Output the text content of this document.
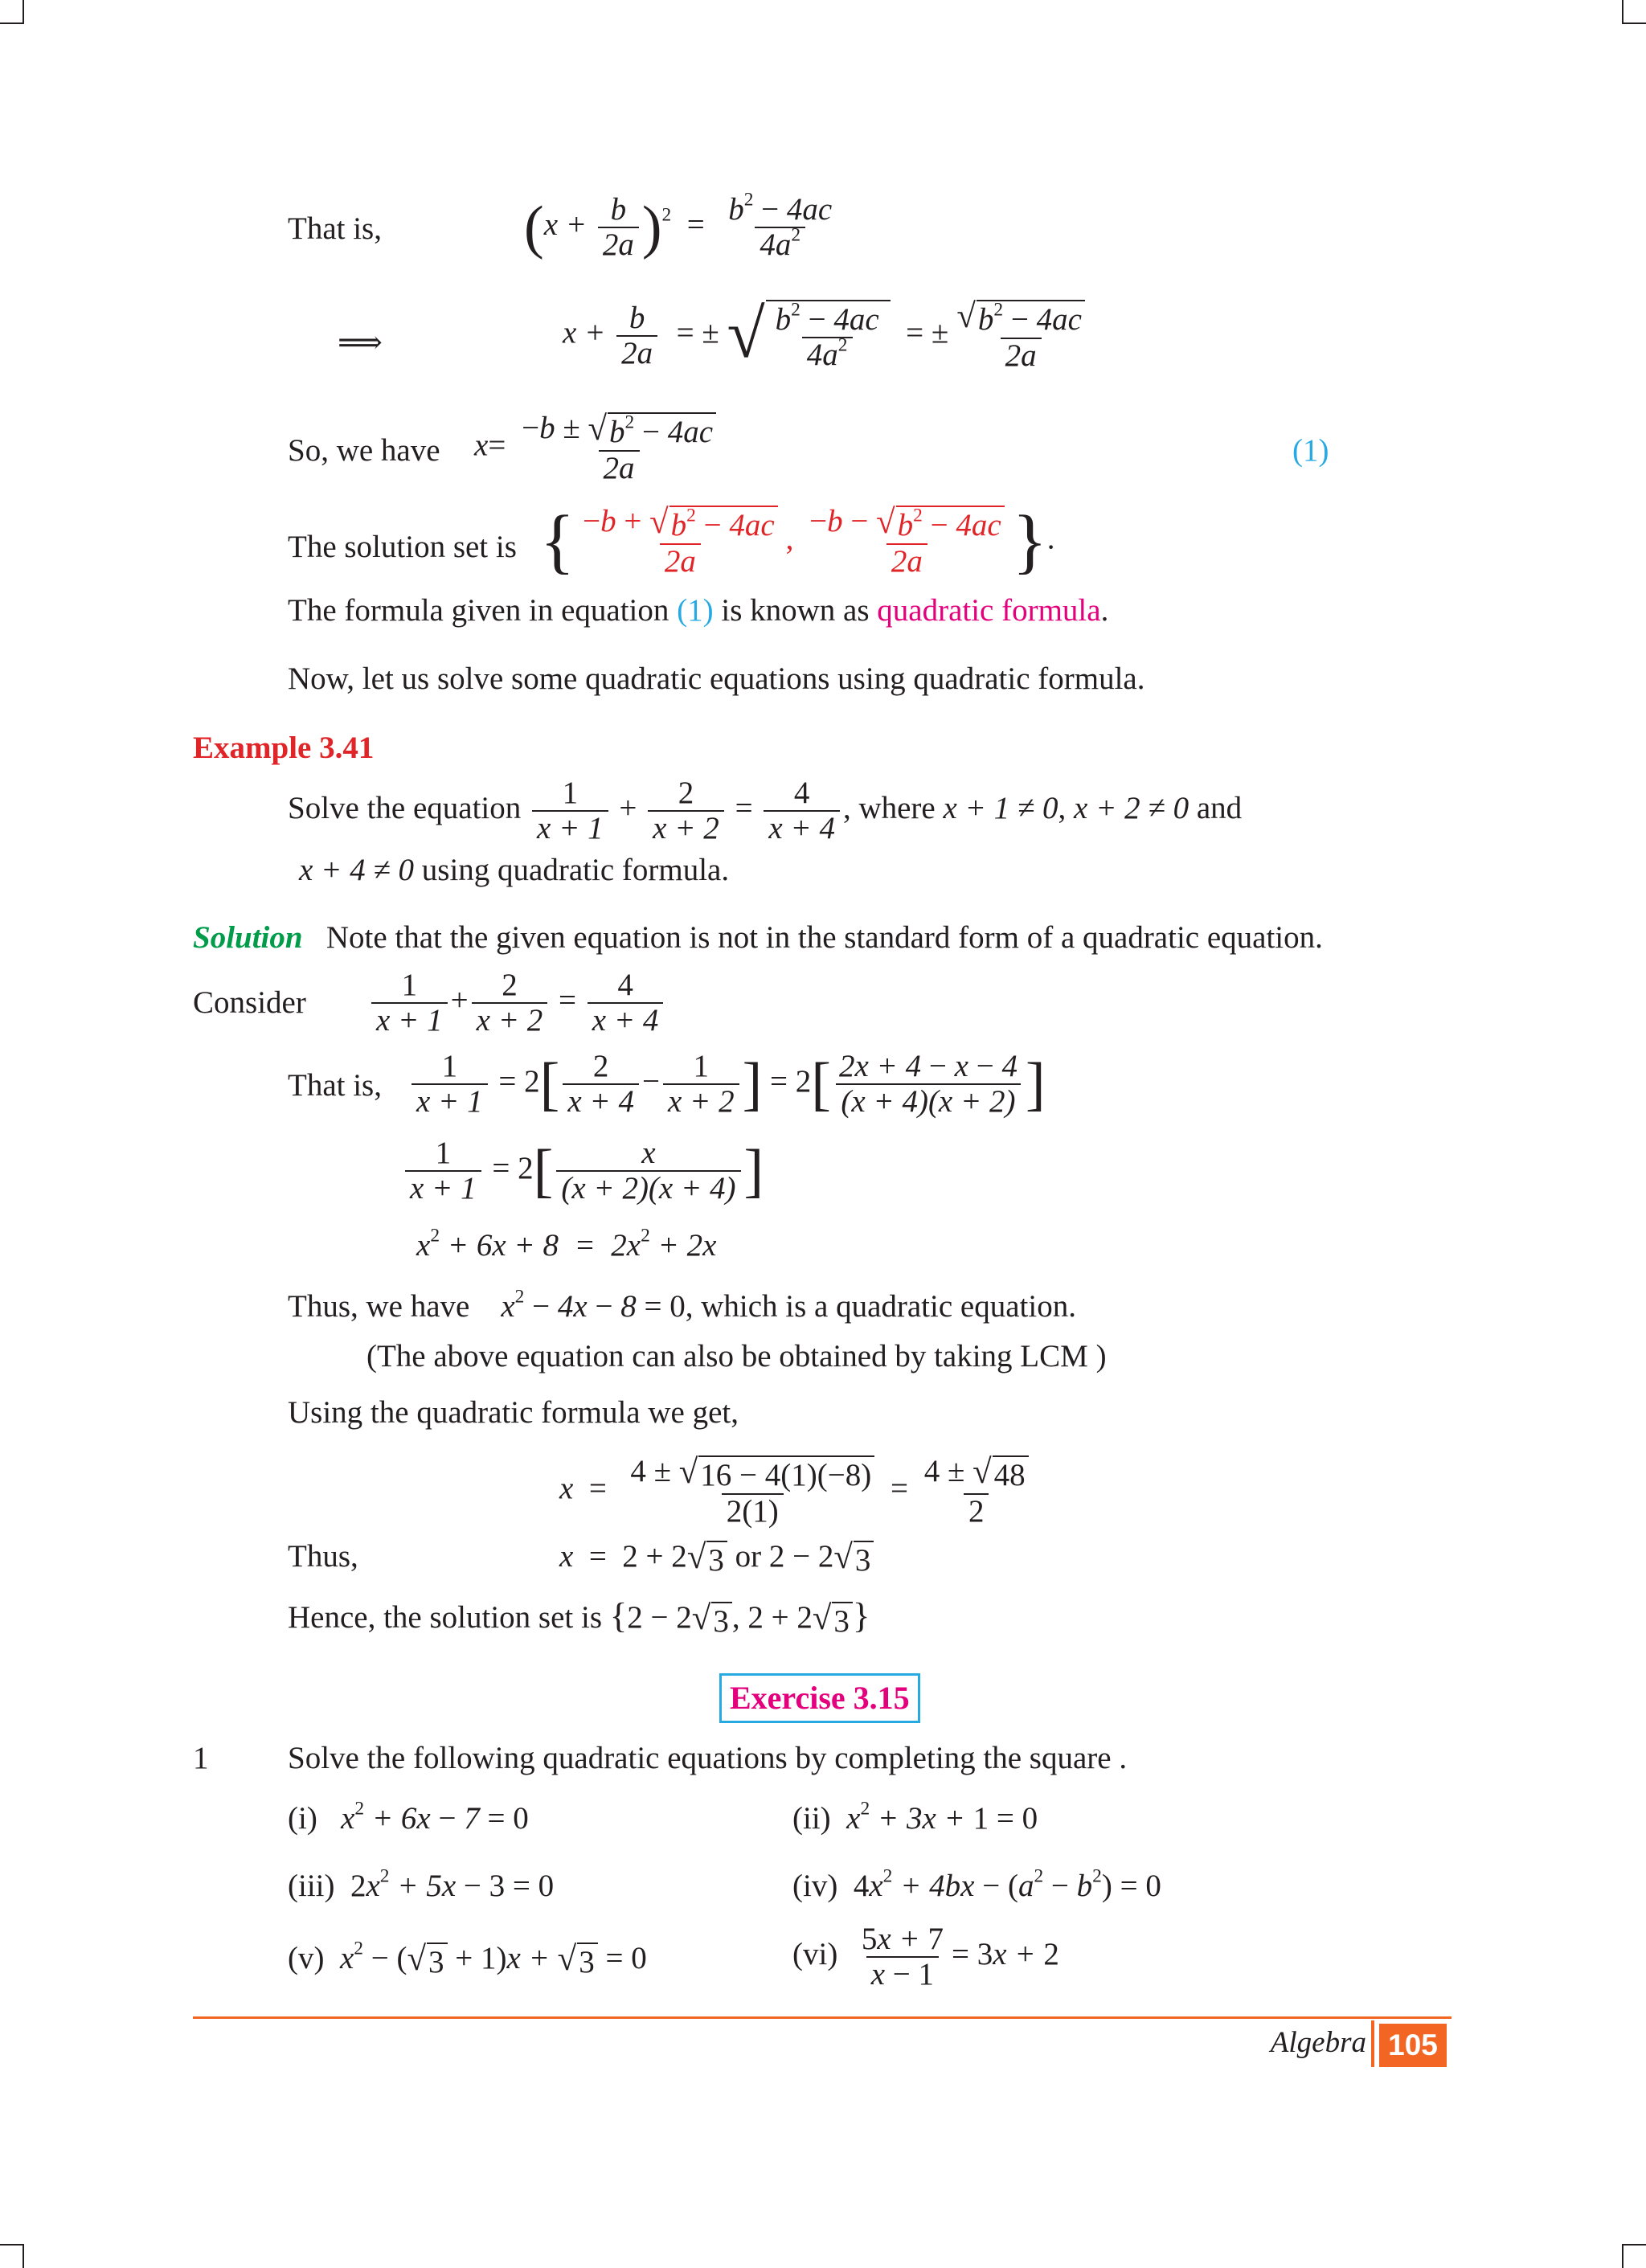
That is, $(x + \frac{b}{2a} )^2 = \frac{b^2 - 4ac}{4a^2}$
⟹	$x + \frac{b}{2a}$ = ± √ $\frac{b^2 - 4ac}{4a^2}$ = ± $\frac{√ b^2 - 4ac}{2a}$
So, we have $x= \frac{-b \pm √ b^2 - 4ac}{2a}$	(1)
The solution set is { $\frac{-b + √ b^2 - 4ac}{2a}$ , $\frac{-b - √ b^2 - 4ac}{2a}$ }.
The formula given in equation (1) is known as quadratic formula.
Now, let us solve some quadratic equations using quadratic formula.
Example 3.41
Solve the equation $\frac{1}{x + 1} + \frac{2}{x + 2} = \frac{4}{x + 4}$ , where x + 1 ≠ 0, x + 2 ≠ 0 and
x + 4 ≠ 0 using quadratic formula.
Solution Note that the given equation is not in the standard form of a quadratic equation.
Consider $\frac{1}{x + 1} + \frac{2}{x + 2} = \frac{4}{x + 4}$
That is, $\frac{1}{x + 1} = 2[ \frac{2}{x + 4} - \frac{1}{x + 2}$ ] = $2[ \frac{2x + 4 - x - 4}{(x + 4)(x + 2)}$ ]
$\frac{1}{x + 1} = 2[ \frac{x}{(x + 2)(x + 4)}$ ]
$x^2 + 6x + 8 = 2x^2 + 2x$
Thus, we have    $x^2 - 4x - 8 = 0$, which is a quadratic equation.
(The above equation can also be obtained by taking LCM )
Using the quadratic formula we get,
$x = \frac{4 \pm √ 16 - 4(1)(-8)}{2(1)} = \frac{4 \pm √ 48}{2}$
Thus,	x  =  2 + 2 √ 3 or 2 − 2 √ 3
Hence, the solution set is {2 − 2 √ 3 , 2 + 2 √ 3 }
Exercise 3.15
1	Solve the following quadratic equations by completing the square .
(i) $x^2 + 6x - 7 = 0$	(ii) $x^2 + 3x + 1 = 0$
(iii) $2x^2 + 5x - 3 = 0$	(iv) $4x^2 + 4bx - (a^2 - b^2) = 0$
(v) $x^2$ − ( √ 3 + 1)x + √ 3 = 0	$(vi) \frac{5x + 7}{x - 1} = 3x + 2$
Algebra 105
